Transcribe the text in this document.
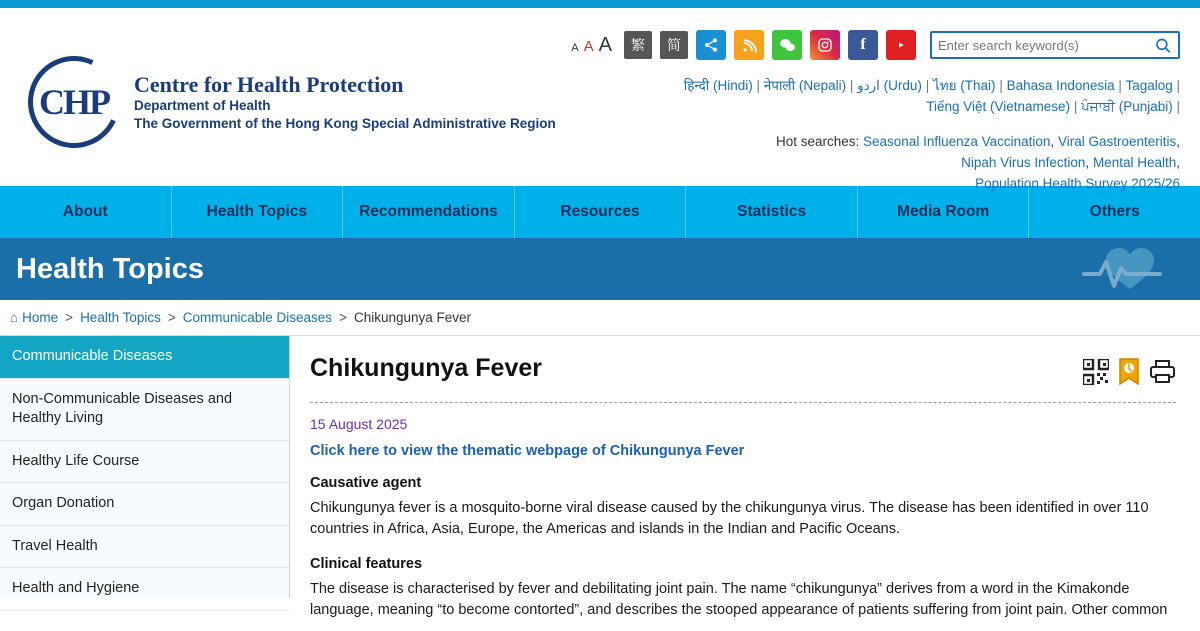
CHP	Centre for Health Protection
Department of Health
The Government of the Hong Kong Special Administrative Region
A A A	繁	简	f
Enter search keyword(s)
हिन्दी (Hindi) | नेपाली (Nepali) | اردو (Urdu) | ไทย (Thai) | Bahasa Indonesia | Tagalog |
Tiếng Việt (Vietnamese) | ਪੰਜਾਬੀ (Punjabi) |
Hot searches: Seasonal Influenza Vaccination, Viral Gastroenteritis,
Nipah Virus Infection, Mental Health,
Population Health Survey 2025/26
About	Health Topics	Recommendations	Resources	Statistics	Media Room	Others
Health Topics
⌂ Home > Health Topics > Communicable Diseases > Chikungunya Fever
Communicable Diseases
Non-Communicable Diseases and Healthy Living
Healthy Life Course
Organ Donation
Travel Health
Health and Hygiene
Chikungunya Fever

15 August 2025

Click here to view the thematic webpage of Chikungunya Fever

Causative agent

Chikungunya fever is a mosquito-borne viral disease caused by the chikungunya virus. The disease has been identified in over 110 countries in Africa, Asia, Europe, the Americas and islands in the Indian and Pacific Oceans.

Clinical features

The disease is characterised by fever and debilitating joint pain. The name “chikungunya” derives from a word in the Kimakonde language, meaning “to become contorted”, and describes the stooped appearance of patients suffering from joint pain. Other common
